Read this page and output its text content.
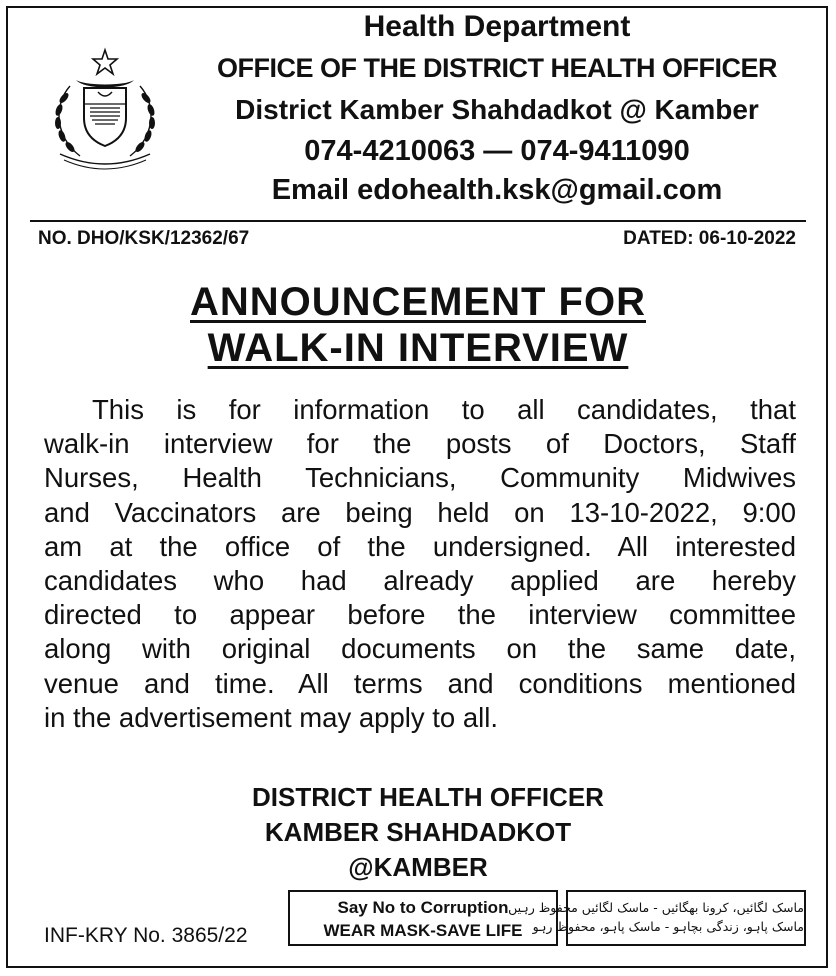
Health Department
OFFICE OF THE DISTRICT HEALTH OFFICER
District Kamber Shahdadkot @ Kamber
074-4210063 — 074-9411090
Email edohealth.ksk@gmail.com
NO. DHO/KSK/12362/67	DATED: 06-10-2022
ANNOUNCEMENT FOR
WALK-IN INTERVIEW
This is for information to all candidates, that
walk-in interview for the posts of Doctors, Staff
Nurses, Health Technicians, Community Midwives
and Vaccinators are being held on 13-10-2022, 9:00
am at the office of the undersigned. All interested
candidates who had already applied are hereby
directed to appear before the interview committee
along with original documents on the same date,
venue and time. All terms and conditions mentioned
in the advertisement may apply to all.
DISTRICT HEALTH OFFICER
KAMBER SHAHDADKOT
@KAMBER
INF-KRY No. 3865/22
Say No to Corruption
WEAR MASK-SAVE LIFE
ماسک لگائیں، کرونا بھگائیں - ماسک لگائیں محفوظ رہیں
ماسک پاہو، زندگی بچاہو - ماسک پاہو، محفوظ رہو
